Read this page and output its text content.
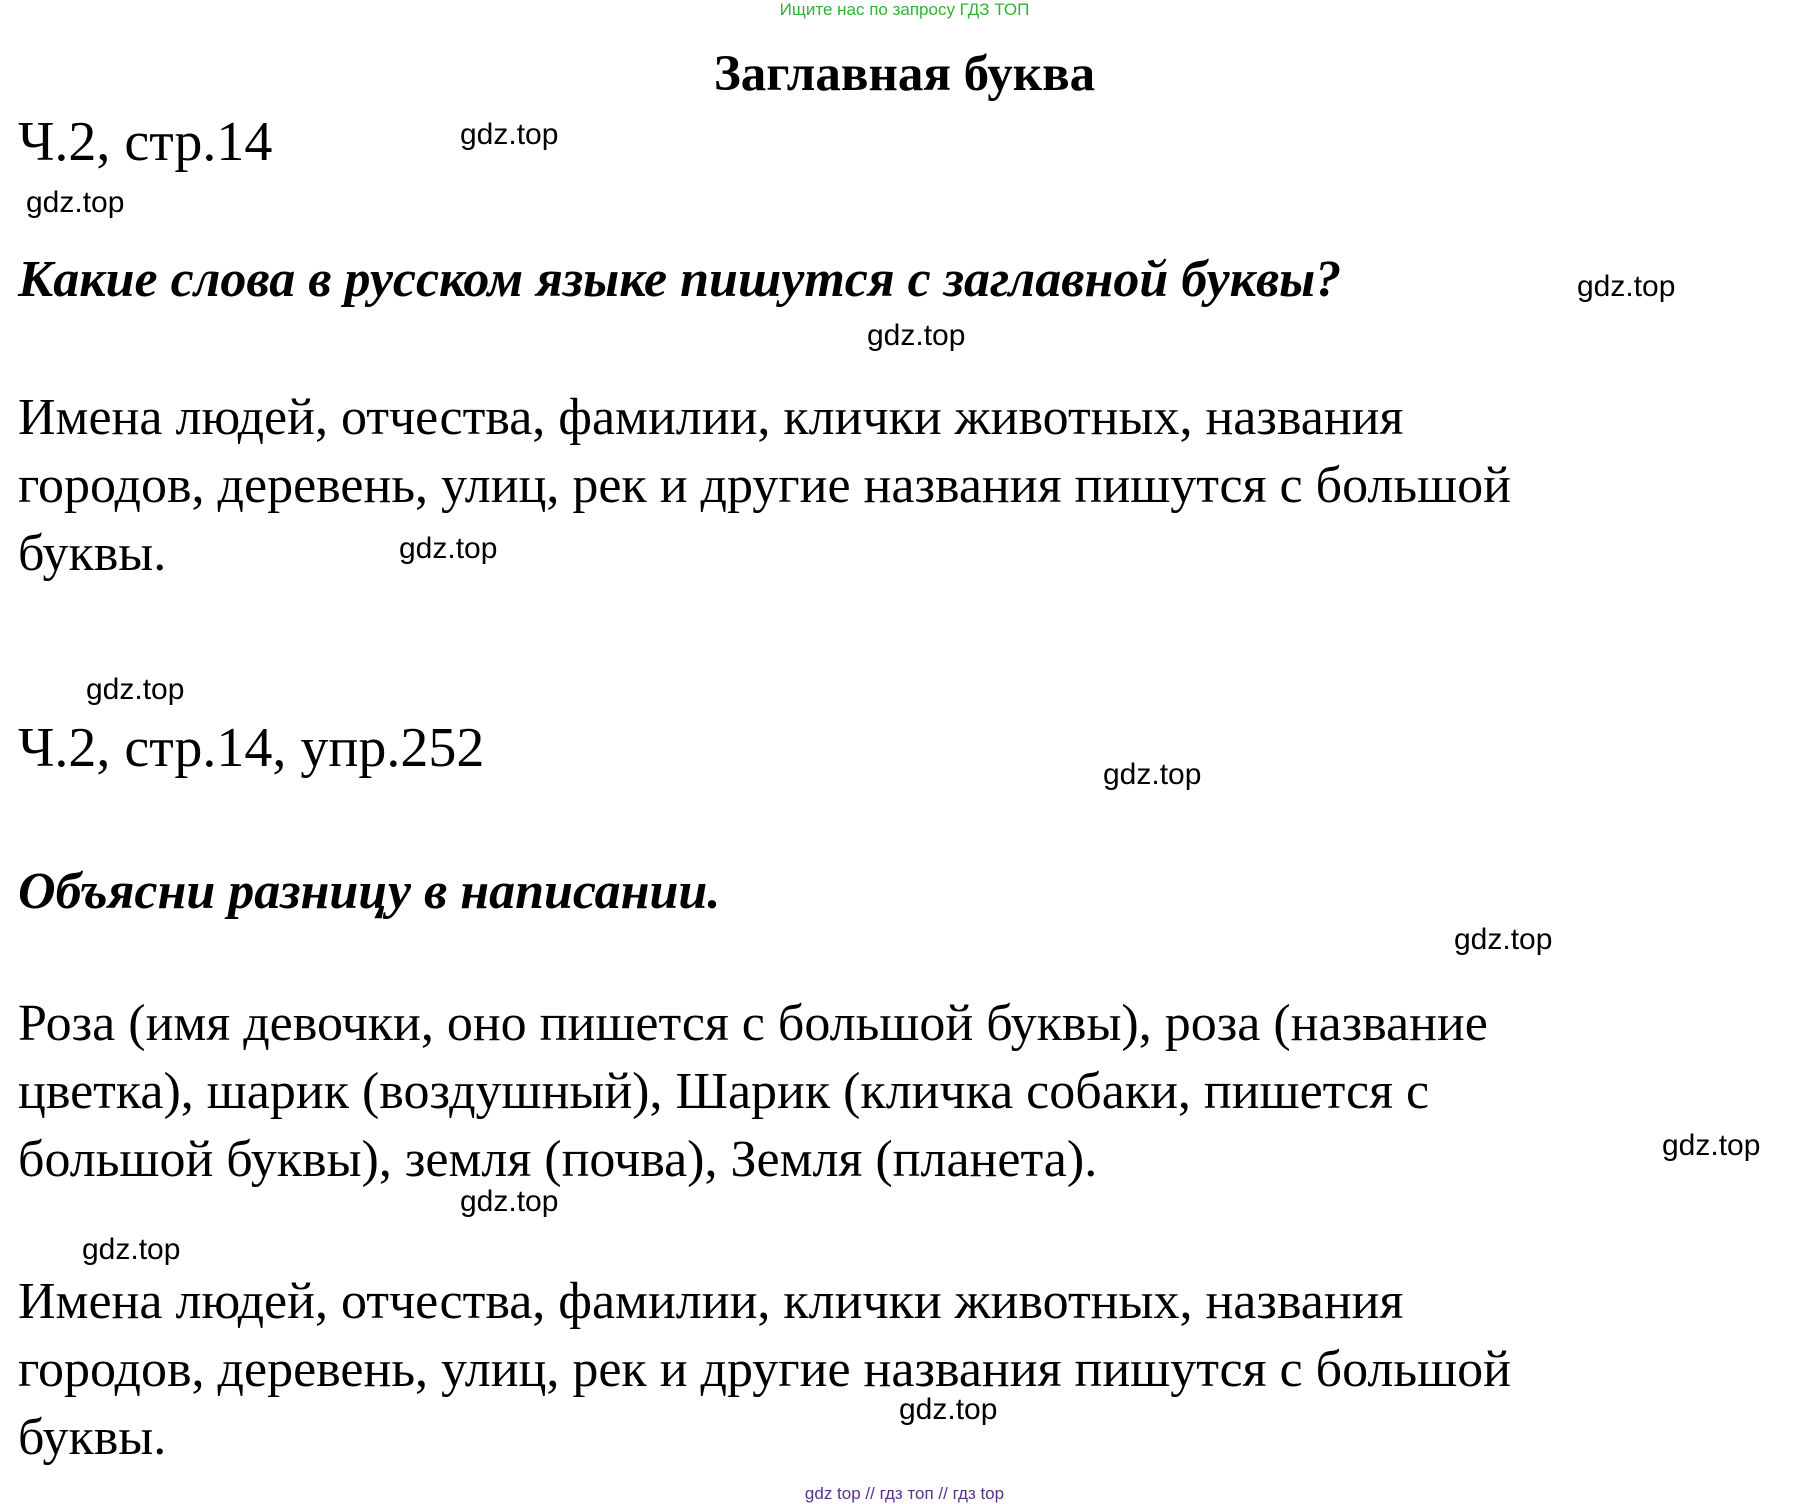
Ищите нас по запросу ГДЗ ТОП
Заглавная буква
Ч.2, стр.14
Какие слова в русском языке пишутся с заглавной буквы?
Имена людей, отчества, фамилии, клички животных, названия
городов, деревень, улиц, рек и другие названия пишутся с большой
буквы.
Ч.2, стр.14, упр.252
Объясни разницу в написании.
Роза (имя девочки, оно пишется с большой буквы), роза (название
цветка), шарик (воздушный), Шарик (кличка собаки, пишется с
большой буквы), земля (почва), Земля (планета).
Имена людей, отчества, фамилии, клички животных, названия
городов, деревень, улиц, рек и другие названия пишутся с большой
буквы.
gdz.top
gdz.top
gdz.top
gdz.top
gdz.top
gdz.top
gdz.top
gdz.top
gdz.top
gdz.top
gdz.top
gdz.top
gdz top // гдз топ // гдз top
